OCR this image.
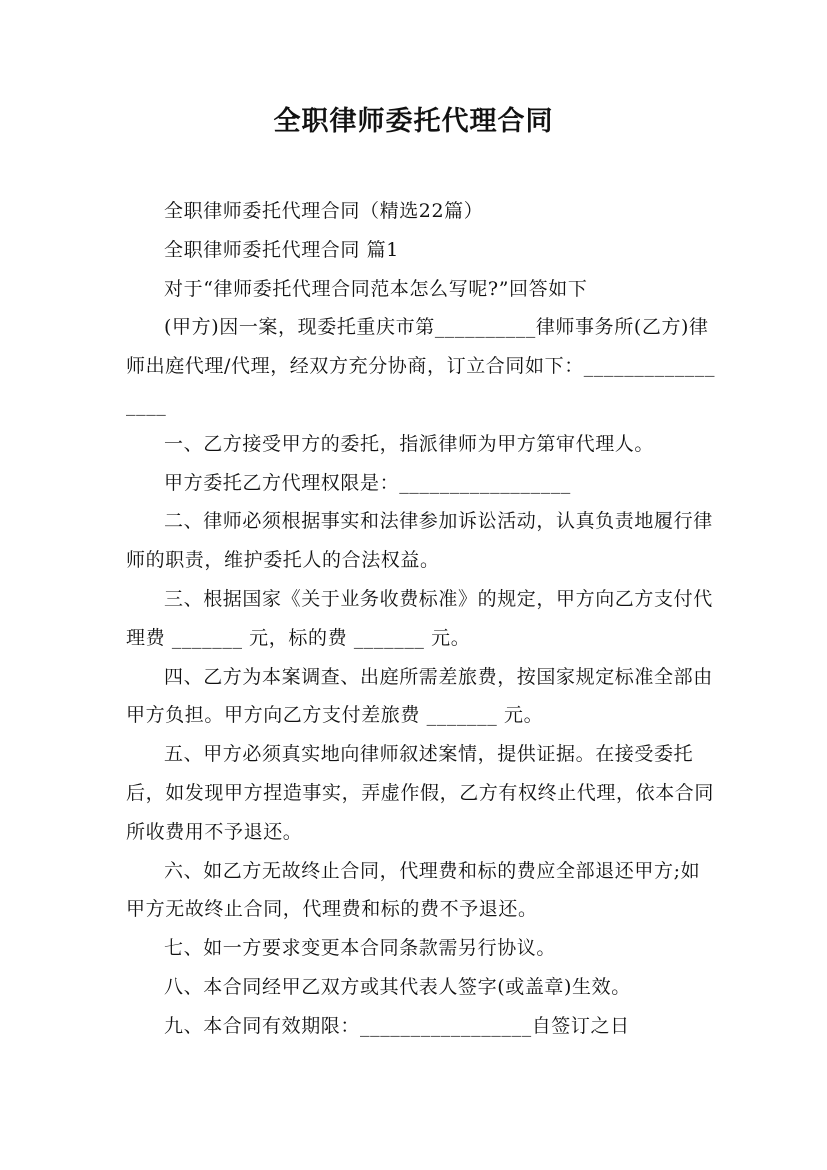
全职律师委托代理合同

全职律师委托代理合同（精选22篇）

全职律师委托代理合同 篇1

对于“律师委托代理合同范本怎么写呢?”回答如下

(甲方)因一案，现委托重庆市第__________律师事务所(乙方)律师出庭代理/代理，经双方充分协商，订立合同如下：_________________

一、乙方接受甲方的委托，指派律师为甲方第审代理人。

甲方委托乙方代理权限是：_________________

二、律师必须根据事实和法律参加诉讼活动，认真负责地履行律师的职责，维护委托人的合法权益。

三、根据国家《关于业务收费标准》的规定，甲方向乙方支付代理费 _______ 元，标的费 _______ 元。

四、乙方为本案调查、出庭所需差旅费，按国家规定标准全部由甲方负担。甲方向乙方支付差旅费 _______ 元。

五、甲方必须真实地向律师叙述案情，提供证据。在接受委托后，如发现甲方捏造事实，弄虚作假，乙方有权终止代理，依本合同所收费用不予退还。

六、如乙方无故终止合同，代理费和标的费应全部退还甲方;如甲方无故终止合同，代理费和标的费不予退还。

七、如一方要求变更本合同条款需另行协议。

八、本合同经甲乙双方或其代表人签字(或盖章)生效。

九、本合同有效期限：_________________自签订之日
